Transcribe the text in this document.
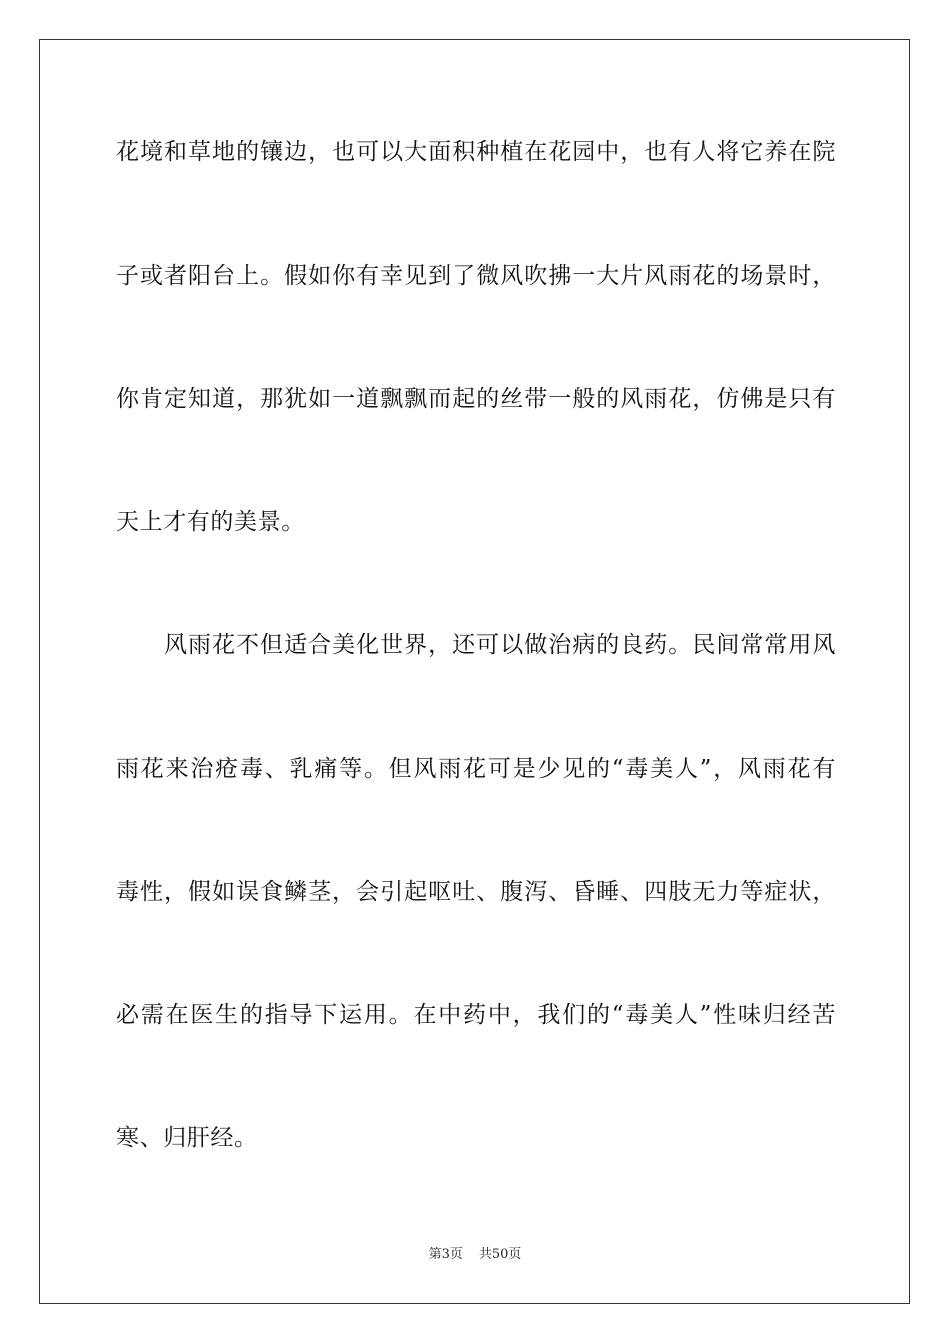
花境和草地的镶边，也可以大面积种植在花园中，也有人将它养在院
子或者阳台上。假如你有幸见到了微风吹拂一大片风雨花的场景时，
你肯定知道，那犹如一道飘飘而起的丝带一般的风雨花，仿佛是只有
天上才有的美景。
风雨花不但适合美化世界，还可以做治病的良药。民间常常用风
雨花来治疮毒、乳痛等。但风雨花可是少见的“毒美人”，风雨花有
毒性，假如误食鳞茎，会引起呕吐、腹泻、昏睡、四肢无力等症状，
必需在医生的指导下运用。在中药中，我们的“毒美人”性味归经苦
寒、归肝经。
第3页 共50页
